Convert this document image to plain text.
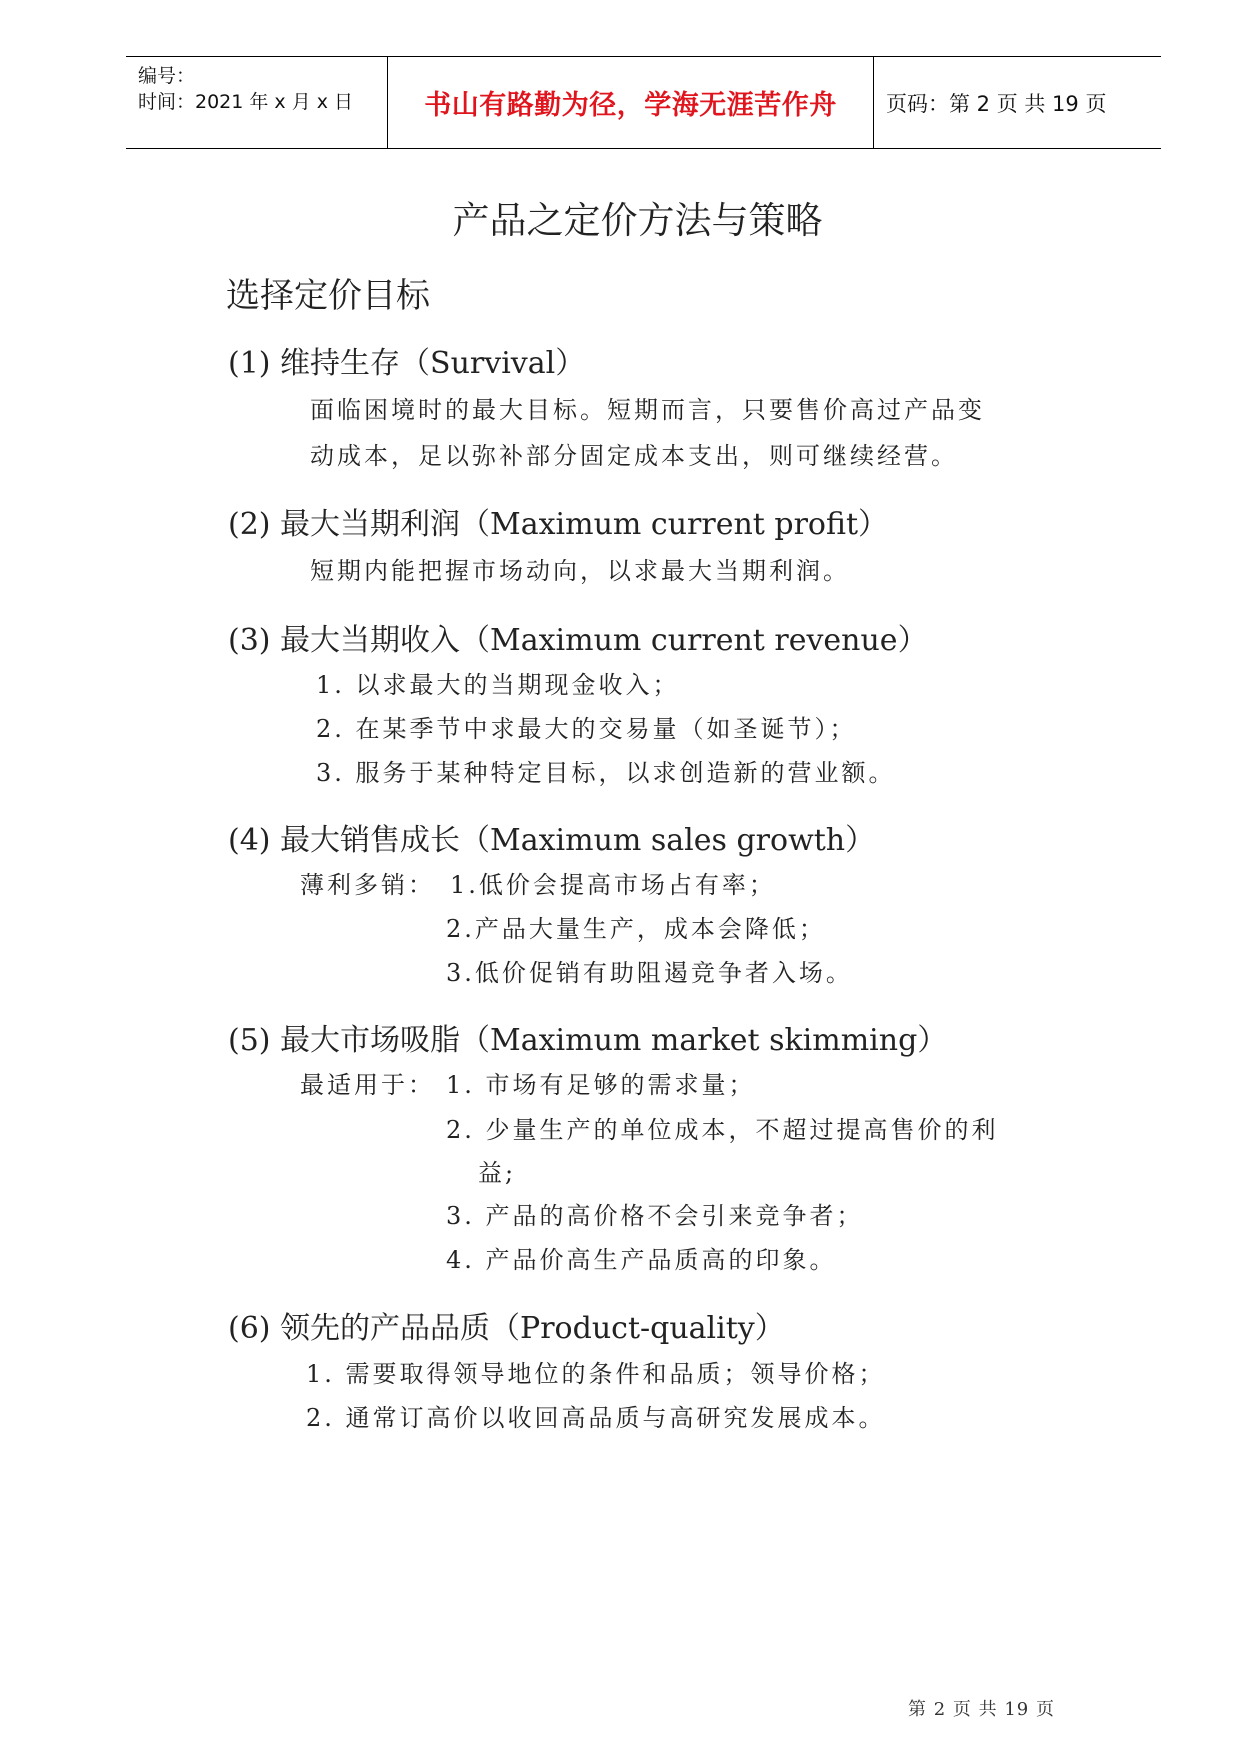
编号：
时间：2021 年 x 月 x 日	书山有路勤为径，学海无涯苦作舟 页码：第 2 页 共 19 页
产品之定价方法与策略
选择定价目标
(1) 维持生存（Survival）
面临困境时的最大目标。短期而言，只要售价高过产品变
动成本，足以弥补部分固定成本支出，则可继续经营。
(2) 最大当期利润（Maximum current profit）
短期内能把握市场动向，以求最大当期利润。
(3) 最大当期收入（Maximum current revenue）
1. 以求最大的当期现金收入；
2. 在某季节中求最大的交易量（如圣诞节）；
3. 服务于某种特定目标，以求创造新的营业额。
(4) 最大销售成长（Maximum sales growth）
薄利多销： 1.低价会提高市场占有率；
2.产品大量生产，成本会降低；
3.低价促销有助阻遏竞争者入场。
(5) 最大市场吸脂（Maximum market skimming）
最适用于： 1. 市场有足够的需求量；
2. 少量生产的单位成本，不超过提高售价的利
益;
3. 产品的高价格不会引来竞争者；
4. 产品价高生产品质高的印象。
(6) 领先的产品品质（Product-quality）
1. 需要取得领导地位的条件和品质；领导价格；
2. 通常订高价以收回高品质与高研究发展成本。
第 2 页 共 19 页
